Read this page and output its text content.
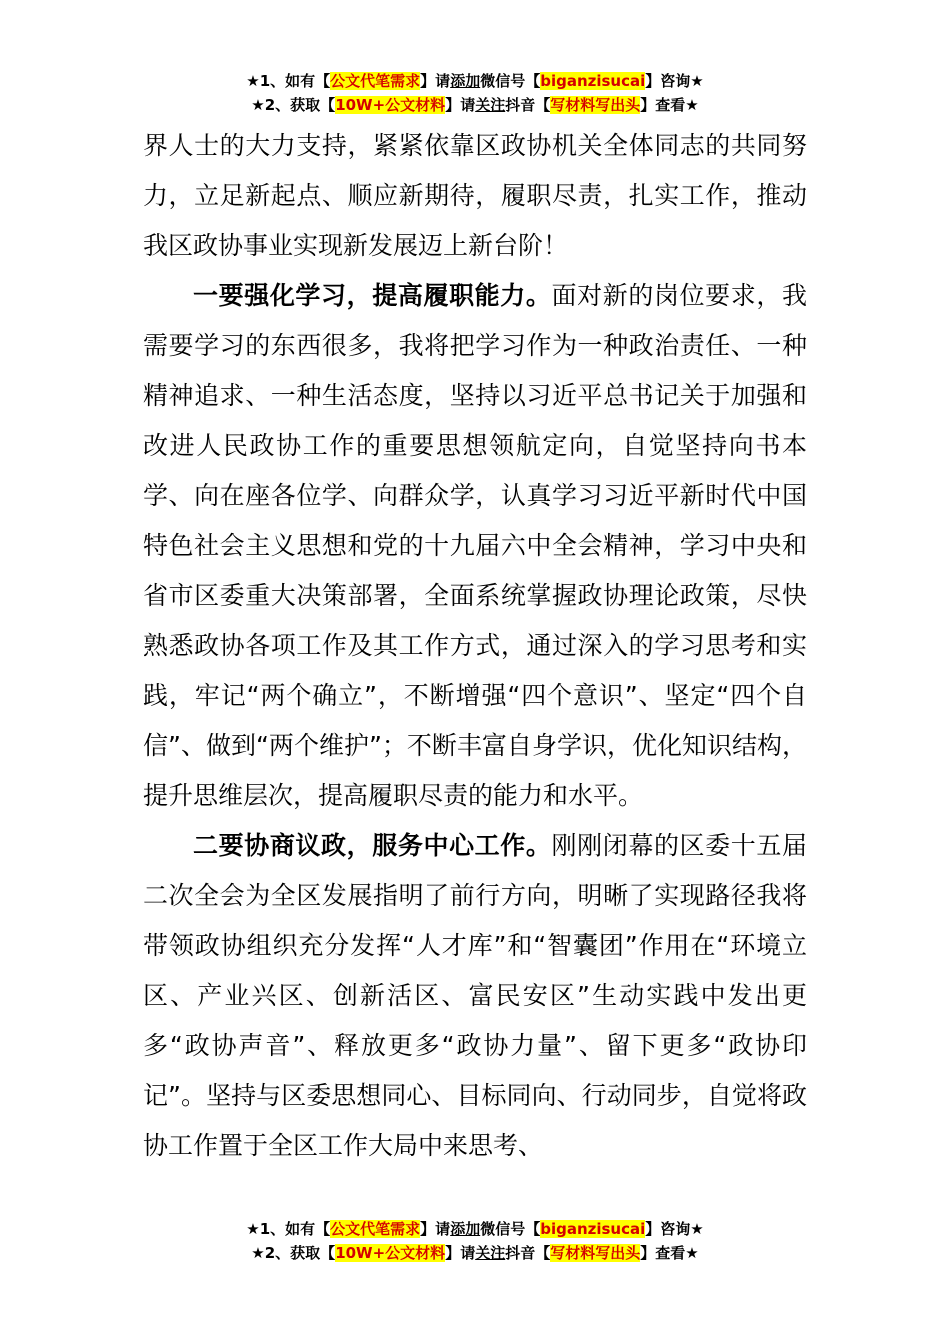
★1、如有【公文代笔需求】请添加微信号【biganzisucai】咨询★
★2、获取【10W+公文材料】请关注抖音【写材料写出头】查看★

界人士的大力支持，紧紧依靠区政协机关全体同志的共同努力，立足新起点、顺应新期待，履职尽责，扎实工作，推动我区政协事业实现新发展迈上新台阶！

一要强化学习，提高履职能力。面对新的岗位要求，我需要学习的东西很多，我将把学习作为一种政治责任、一种精神追求、一种生活态度，坚持以习近平总书记关于加强和改进人民政协工作的重要思想领航定向，自觉坚持向书本学、向在座各位学、向群众学，认真学习习近平新时代中国特色社会主义思想和党的十九届六中全会精神，学习中央和省市区委重大决策部署，全面系统掌握政协理论政策，尽快熟悉政协各项工作及其工作方式，通过深入的学习思考和实践，牢记“两个确立”，不断增强“四个意识”、坚定“四个自信”、做到“两个维护”；不断丰富自身学识，优化知识结构，提升思维层次，提高履职尽责的能力和水平。

二要协商议政，服务中心工作。刚刚闭幕的区委十五届二次全会为全区发展指明了前行方向，明晰了实现路径我将带领政协组织充分发挥“人才库”和“智囊团”作用在“环境立区、产业兴区、创新活区、富民安区”生动实践中发出更多“政协声音”、释放更多“政协力量”、留下更多“政协印记”。坚持与区委思想同心、目标同向、行动同步，自觉将政协工作置于全区工作大局中来思考、

★1、如有【公文代笔需求】请添加微信号【biganzisucai】咨询★
★2、获取【10W+公文材料】请关注抖音【写材料写出头】查看★
